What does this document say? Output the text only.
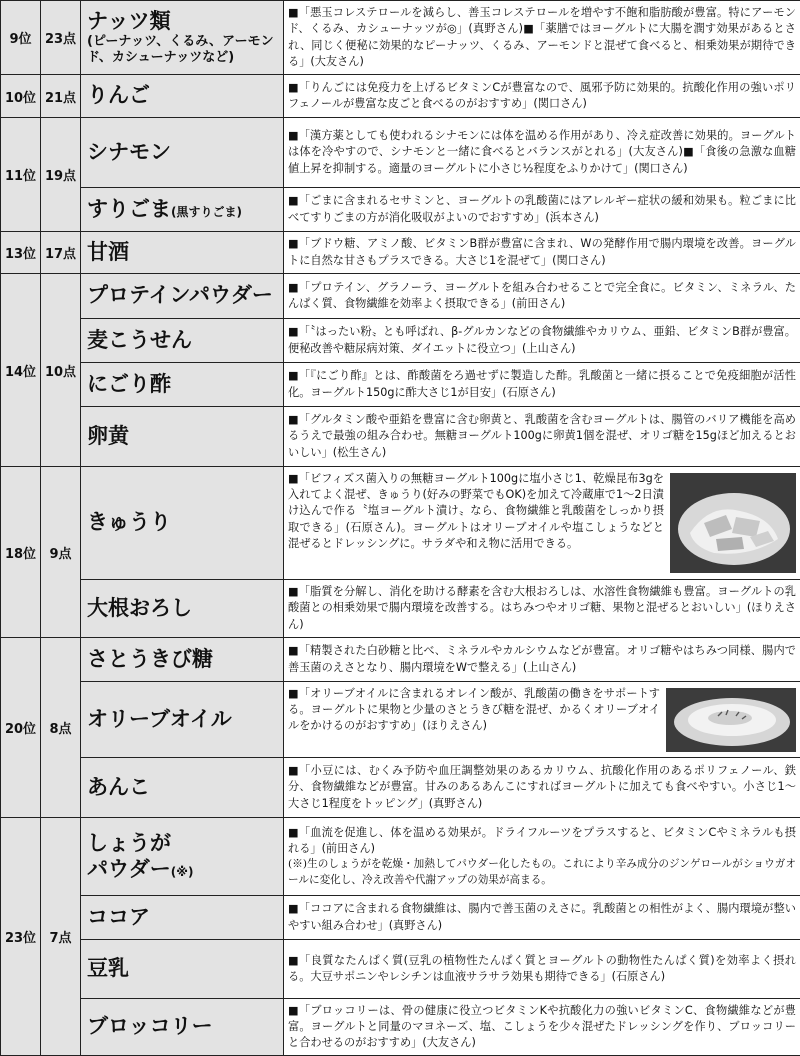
9位	23点	ナッツ類
(ピーナッツ、くるみ、アーモンド、カシューナッツなど)	■「悪玉コレステロールを減らし、善玉コレステロールを増やす不飽和脂肪酸が豊富。特にアーモンド、くるみ、カシューナッツが◎」(真野さん)■「薬膳ではヨーグルトに大腸を潤す効果があるとされ、同じく便秘に効果的なピーナッツ、くるみ、アーモンドと混ぜて食べると、相乗効果が期待できる」(大友さん)
10位	21点	りんご	■「りんごには免疫力を上げるビタミンCが豊富なので、風邪予防に効果的。抗酸化作用の強いポリフェノールが豊富な皮ごと食べるのがおすすめ」(関口さん)
11位	19点	シナモン	■「漢方薬としても使われるシナモンには体を温める作用があり、冷え症改善に効果的。ヨーグルトは体を冷やすので、シナモンと一緒に食べるとバランスがとれる」(大友さん)■「食後の急激な血糖値上昇を抑制する。適量のヨーグルトに小さじ½程度をふりかけて」(関口さん)
		すりごま(黒すりごま)	■「ごまに含まれるセサミンと、ヨーグルトの乳酸菌にはアレルギー症状の緩和効果も。粒ごまに比べてすりごまの方が消化吸収がよいのでおすすめ」(浜本さん)
13位	17点	甘酒	■「ブドウ糖、アミノ酸、ビタミンB群が豊富に含まれ、Wの発酵作用で腸内環境を改善。ヨーグルトに自然な甘さもプラスできる。大さじ1を混ぜて」(関口さん)
14位	10点	プロテインパウダー	■「プロテイン、グラノーラ、ヨーグルトを組み合わせることで完全食に。ビタミン、ミネラル、たんぱく質、食物繊維を効率よく摂取できる」(前田さん)
		麦こうせん	■「〝はったい粉〟とも呼ばれ、β-グルカンなどの食物繊維やカリウム、亜鉛、ビタミンB群が豊富。便秘改善や糖尿病対策、ダイエットに役立つ」(上山さん)
		にごり酢	■「『にごり酢』とは、酢酸菌をろ過せずに製造した酢。乳酸菌と一緒に摂ることで免疫細胞が活性化。ヨーグルト150gに酢大さじ1が目安」(石原さん)
		卵黄	■「グルタミン酸や亜鉛を豊富に含む卵黄と、乳酸菌を含むヨーグルトは、腸管のバリア機能を高めるうえで最強の組み合わせ。無糖ヨーグルト100gに卵黄1個を混ぜ、オリゴ糖を15gほど加えるとおいしい」(松生さん)
18位	9点	きゅうり	■「ビフィズス菌入りの無糖ヨーグルト100gに塩小さじ1、乾燥昆布3gを入れてよく混ぜ、きゅうり(好みの野菜でもOK)を加えて冷蔵庫で1〜2日漬け込んで作る〝塩ヨーグルト漬け〟なら、食物繊維と乳酸菌をしっかり摂取できる」(石原さん)。ヨーグルトはオリーブオイルや塩こしょうなどと混ぜるとドレッシングに。サラダや和え物に活用できる。
		大根おろし	■「脂質を分解し、消化を助ける酵素を含む大根おろしは、水溶性食物繊維も豊富。ヨーグルトの乳酸菌との相乗効果で腸内環境を改善する。はちみつやオリゴ糖、果物と混ぜるとおいしい」(ほりえさん)
20位	8点	さとうきび糖	■「精製された白砂糖と比べ、ミネラルやカルシウムなどが豊富。オリゴ糖やはちみつ同様、腸内で善玉菌のえさとなり、腸内環境をWで整える」(上山さん)
		オリーブオイル	■「オリーブオイルに含まれるオレイン酸が、乳酸菌の働きをサポートする。ヨーグルトに果物と少量のさとうきび糖を混ぜ、かるくオリーブオイルをかけるのがおすすめ」(ほりえさん)
		あんこ	■「小豆には、むくみ予防や血圧調整効果のあるカリウム、抗酸化作用のあるポリフェノール、鉄分、食物繊維などが豊富。甘みのあるあんこにすればヨーグルトに加えても食べやすい。小さじ1〜大さじ1程度をトッピング」(真野さん)
23位	7点	しょうが
パウダー(※)	■「血流を促進し、体を温める効果が。ドライフルーツをプラスすると、ビタミンCやミネラルも摂れる」(前田さん)
(※)生のしょうがを乾燥・加熱してパウダー化したもの。これにより辛み成分のジンゲロールがショウガオールに変化し、冷え改善や代謝アップの効果が高まる。

		ココア	■「ココアに含まれる食物繊維は、腸内で善玉菌のえさに。乳酸菌との相性がよく、腸内環境が整いやすい組み合わせ」(真野さん)
		豆乳	■「良質なたんぱく質(豆乳の植物性たんぱく質とヨーグルトの動物性たんぱく質)を効率よく摂れる。大豆サポニンやレシチンは血液サラサラ効果も期待できる」(石原さん)
		ブロッコリー	■「ブロッコリーは、骨の健康に役立つビタミンKや抗酸化力の強いビタミンC、食物繊維などが豊富。ヨーグルトと同量のマヨネーズ、塩、こしょうを少々混ぜたドレッシングを作り、ブロッコリーと合わせるのがおすすめ」(大友さん)
